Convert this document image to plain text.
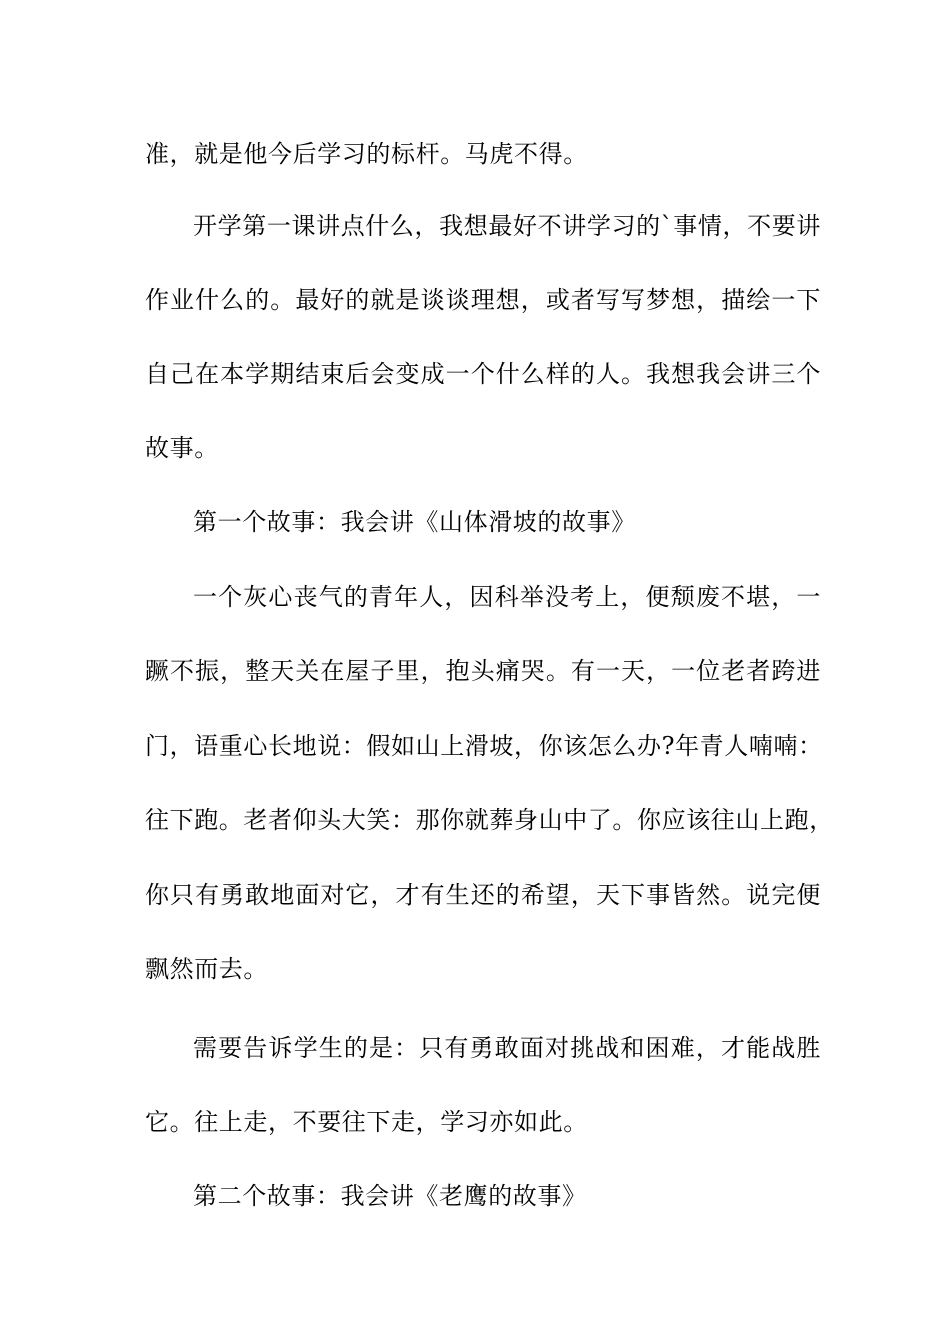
准，就是他今后学习的标杆。马虎不得。
开学第一课讲点什么，我想最好不讲学习的`事情，不要讲
作业什么的。最好的就是谈谈理想，或者写写梦想，描绘一下
自己在本学期结束后会变成一个什么样的人。我想我会讲三个
故事。
第一个故事：我会讲《山体滑坡的故事》
一个灰心丧气的青年人，因科举没考上，便颓废不堪，一
蹶不振，整天关在屋子里，抱头痛哭。有一天，一位老者跨进
门，语重心长地说：假如山上滑坡，你该怎么办?年青人喃喃：
往下跑。老者仰头大笑：那你就葬身山中了。你应该往山上跑，
你只有勇敢地面对它，才有生还的希望，天下事皆然。说完便
飘然而去。
需要告诉学生的是：只有勇敢面对挑战和困难，才能战胜
它。往上走，不要往下走，学习亦如此。
第二个故事：我会讲《老鹰的故事》
